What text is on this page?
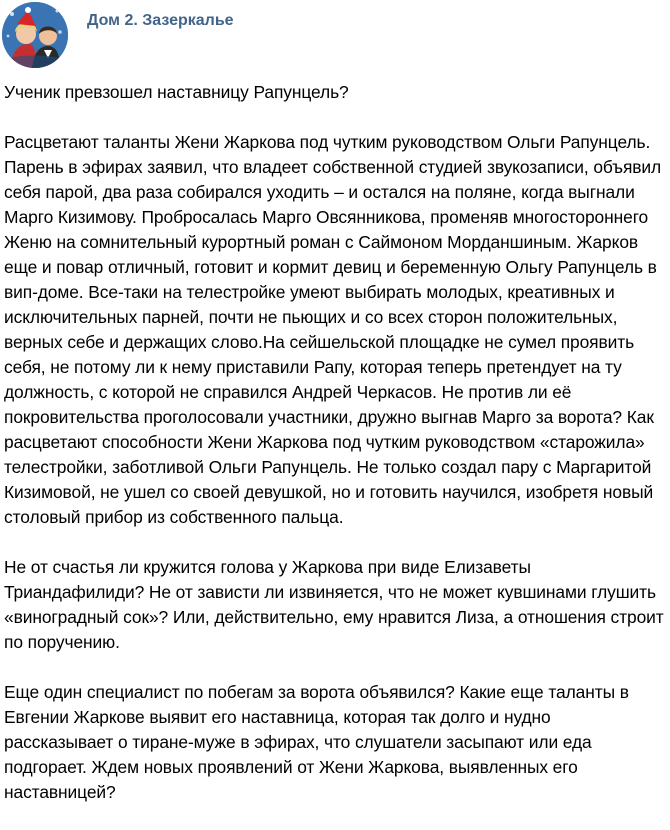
Дом 2. Зазеркалье

Ученик превзошел наставницу Рапунцель?

Расцветают таланты Жени Жаркова под чутким руководством Ольги Рапунцель.
Парень в эфирах заявил, что владеет собственной студией звукозаписи, объявил
себя парой, два раза собирался уходить – и остался на поляне, когда выгнали
Марго Кизимову. Пробросалась Марго Овсянникова, променяв многостороннего
Женю на сомнительный курортный роман с Саймоном Морданшиным. Жарков
еще и повар отличный, готовит и кормит девиц и беременную Ольгу Рапунцель в
вип-доме. Все-таки на телестройке умеют выбирать молодых, креативных и
исключительных парней, почти не пьющих и со всех сторон положительных,
верных себе и держащих слово.На сейшельской площадке не сумел проявить
себя, не потому ли к нему приставили Рапу, которая теперь претендует на ту
должность, с которой не справился Андрей Черкасов. Не против ли её
покровительства проголосовали участники, дружно выгнав Марго за ворота? Как
расцветают способности Жени Жаркова под чутким руководством «старожила»
телестройки, заботливой Ольги Рапунцель. Не только создал пару с Маргаритой
Кизимовой, не ушел со своей девушкой, но и готовить научился, изобретя новый
столовый прибор из собственного пальца.

Не от счастья ли кружится голова у Жаркова при виде Елизаветы
Триандафилиди? Не от зависти ли извиняется, что не может кувшинами глушить
«виноградный сок»? Или, действительно, ему нравится Лиза, а отношения строит
по поручению.

Еще один специалист по побегам за ворота объявился? Какие еще таланты в
Евгении Жаркове выявит его наставница, которая так долго и нудно
рассказывает о тиране-муже в эфирах, что слушатели засыпают или еда
подгорает. Ждем новых проявлений от Жени Жаркова, выявленных его
наставницей?
